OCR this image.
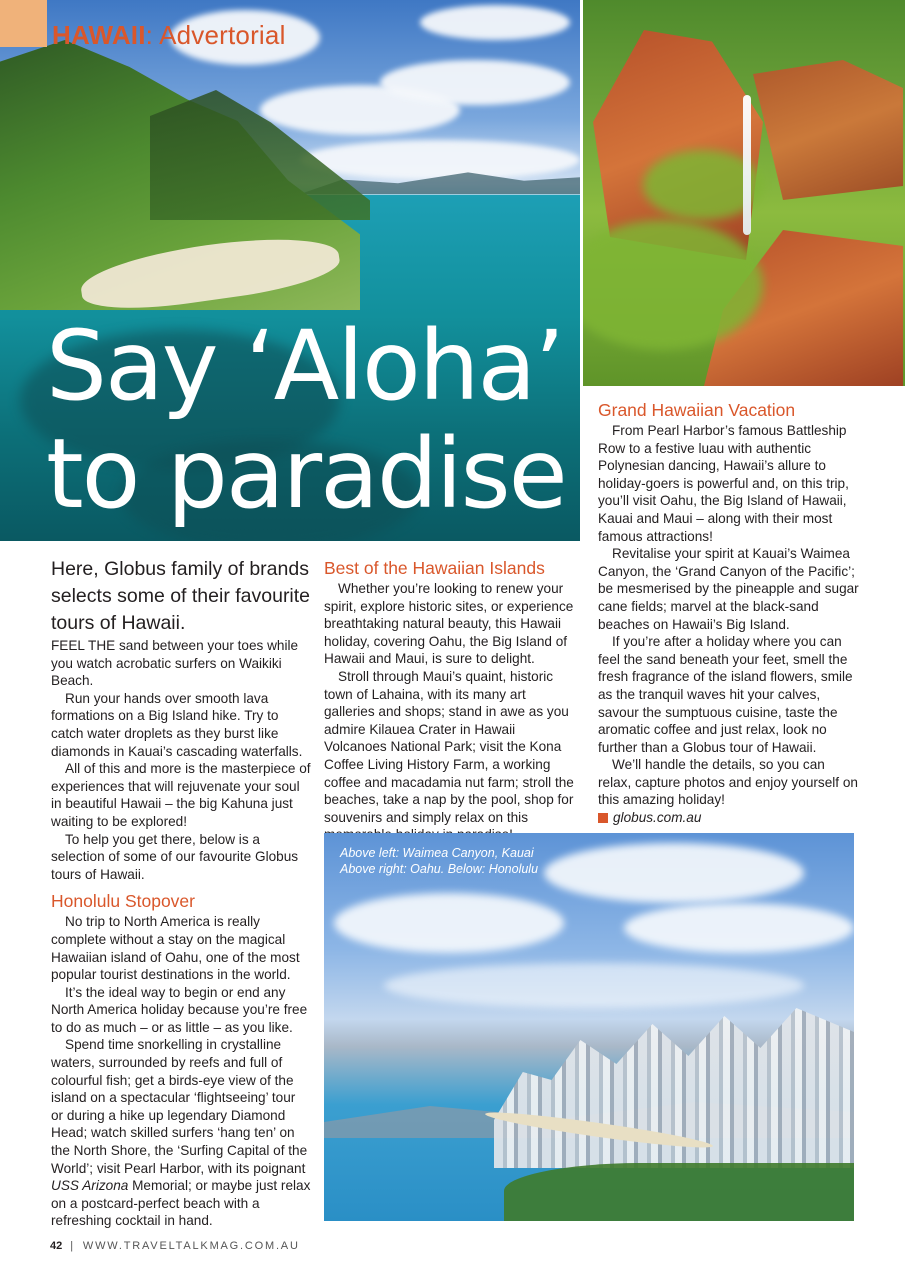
HAWAII: Advertorial
Say ‘Aloha’
to paradise

Here, Globus family of brands selects some of their favourite tours of Hawaii.

FEEL THE sand between your toes while you watch acrobatic surfers on Waikiki Beach.

Run your hands over smooth lava formations on a Big Island hike. Try to catch water droplets as they burst like diamonds in Kauai’s cascading waterfalls.

All of this and more is the masterpiece of experiences that will rejuvenate your soul in beautiful Hawaii – the big Kahuna just waiting to be explored!

To help you get there, below is a selection of some of our favourite Globus tours of Hawaii.

Honolulu Stopover

No trip to North America is really complete without a stay on the magical Hawaiian island of Oahu, one of the most popular tourist destinations in the world.

It’s the ideal way to begin or end any North America holiday because you’re free to do as much – or as little – as you like.

Spend time snorkelling in crystalline waters, surrounded by reefs and full of colourful fish; get a birds-eye view of the island on a spectacular ‘flightseeing’ tour or during a hike up legendary Diamond Head; watch skilled surfers ‘hang ten’ on the North Shore, the ‘Surfing Capital of the World’; visit Pearl Harbor, with its poignant USS Arizona Memorial; or maybe just relax on a postcard-perfect beach with a refreshing cocktail in hand.

Best of the Hawaiian Islands

Whether you’re looking to renew your spirit, explore historic sites, or experience breathtaking natural beauty, this Hawaii holiday, covering Oahu, the Big Island of Hawaii and Maui, is sure to delight.

Stroll through Maui’s quaint, historic town of Lahaina, with its many art galleries and shops; stand in awe as you admire Kilauea Crater in Hawaii Volcanoes National Park; visit the Kona Coffee Living History Farm, a working coffee and macadamia nut farm; stroll the beaches, take a nap by the pool, shop for souvenirs and simply relax on this

Grand Hawaiian Vacation

From Pearl Harbor’s famous Battleship Row to a festive luau with authentic Polynesian dancing, Hawaii’s allure to holiday-goers is powerful and, on this trip, you’ll visit Oahu, the Big Island of Hawaii, Kauai and Maui – along with their most famous attractions!

Revitalise your spirit at Kauai’s Waimea Canyon, the ‘Grand Canyon of the Pacific’; be mesmerised by the pineapple and sugar cane fields; marvel at the black-sand beaches on Hawaii’s Big Island.

If you’re after a holiday where you can feel the sand beneath your feet, smell the fresh fragrance of the island flowers, smile as the tranquil waves hit your calves, savour the sumptuous cuisine, taste the aromatic coffee and just relax, look no further than a Globus tour of Hawaii.

We’ll handle the details, so you can relax, capture photos and enjoy yourself on this amazing holiday!

globus.com.au

Above left: Waimea Canyon, Kauai
Above right: Oahu. Below: Honolulu
42 | WWW.TRAVELTALKMAG.COM.AU
